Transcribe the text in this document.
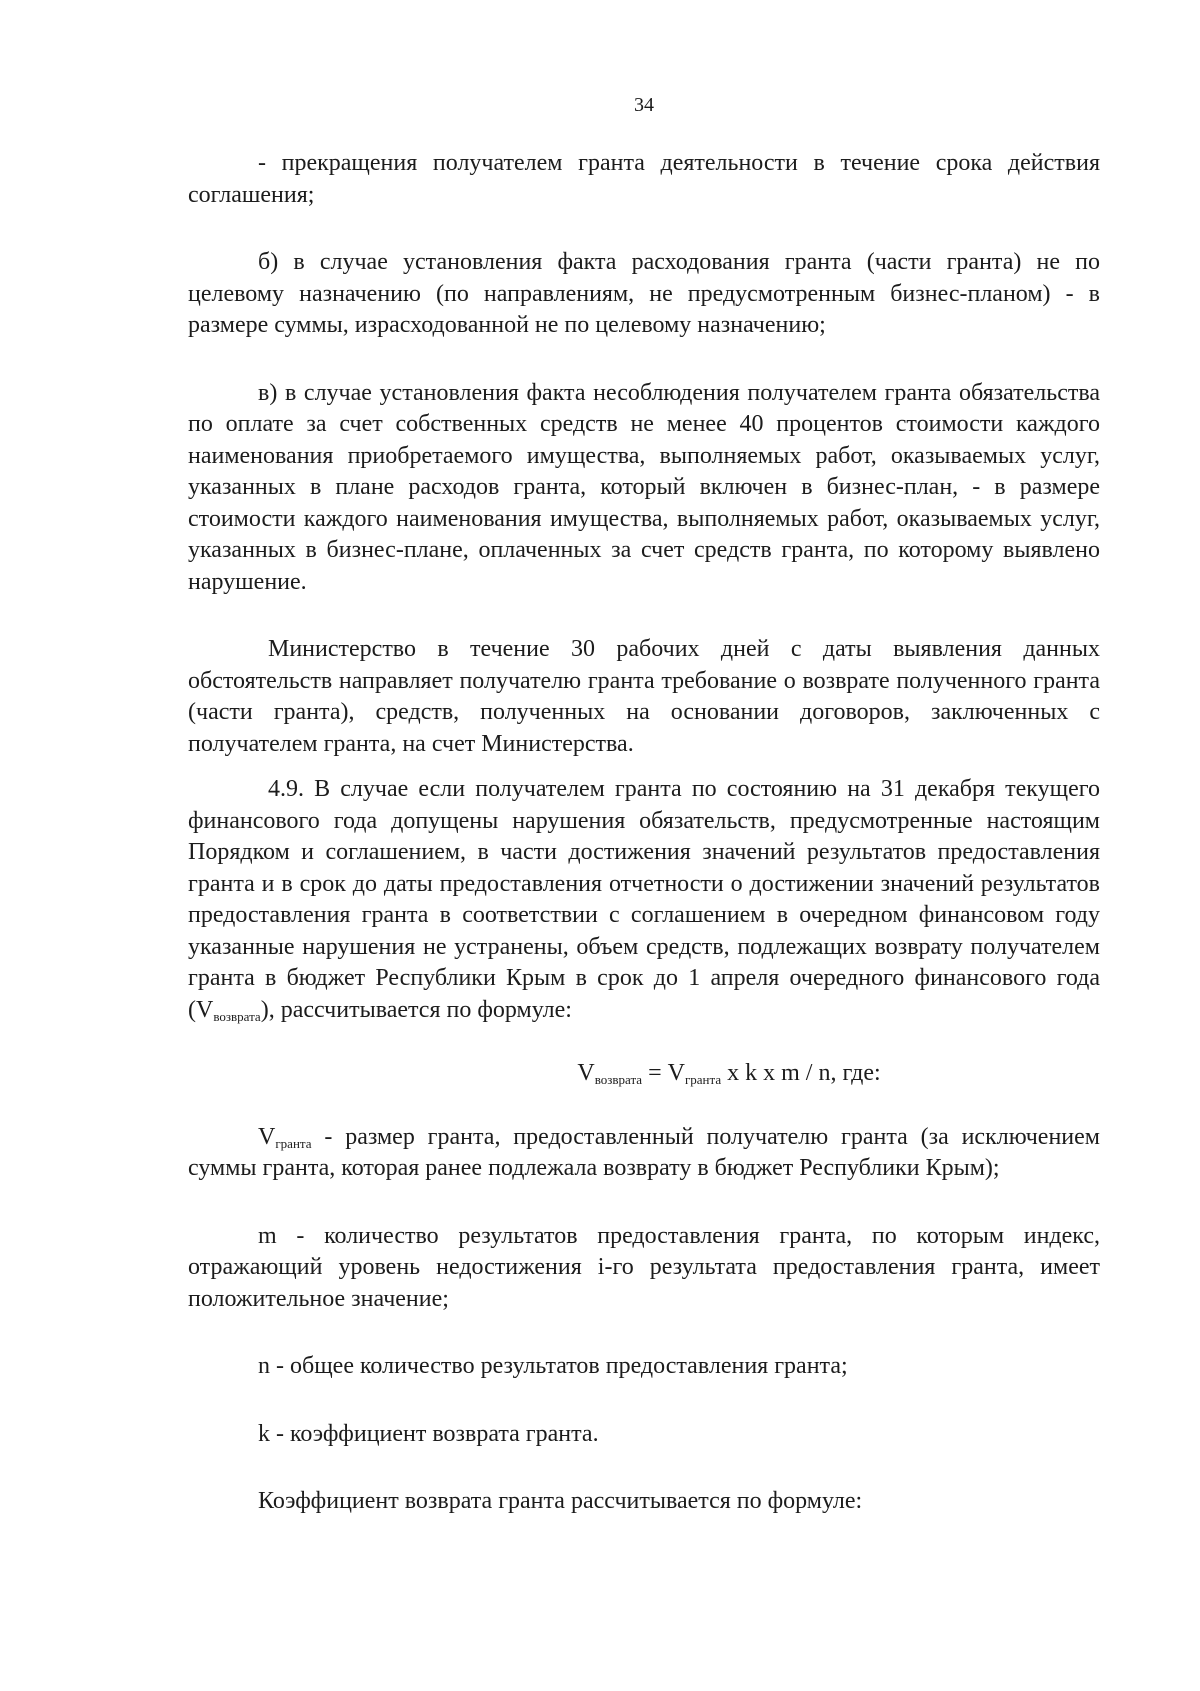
34

- прекращения получателем гранта деятельности в течение срока действия соглашения;

б) в случае установления факта расходования гранта (части гранта) не по целевому назначению (по направлениям, не предусмотренным бизнес-планом) - в размере суммы, израсходованной не по целевому назначению;

в) в случае установления факта несоблюдения получателем гранта обязательства по оплате за счет собственных средств не менее 40 процентов стоимости каждого наименования приобретаемого имущества, выполняемых работ, оказываемых услуг, указанных в плане расходов гранта, который включен в бизнес-план, - в размере стоимости каждого наименования имущества, выполняемых работ, оказываемых услуг, указанных в бизнес-плане, оплаченных за счет средств гранта, по которому выявлено нарушение.

Министерство в течение 30 рабочих дней с даты выявления данных обстоятельств направляет получателю гранта требование о возврате полученного гранта (части гранта), средств, полученных на основании договоров, заключенных с получателем гранта, на счет Министерства.

4.9. В случае если получателем гранта по состоянию на 31 декабря текущего финансового года допущены нарушения обязательств, предусмотренные настоящим Порядком и соглашением, в части достижения значений результатов предоставления гранта и в срок до даты предоставления отчетности о достижении значений результатов предоставления гранта в соответствии с соглашением в очередном финансовом году указанные нарушения не устранены, объем средств, подлежащих возврату получателем гранта в бюджет Республики Крым в срок до 1 апреля очередного финансового года $(V_{возврата})$, рассчитывается по формуле:

$V_{возврата} = V_{гранта}$ x k x m / n, где:

$V_{гранта}$ - размер гранта, предоставленный получателю гранта (за исключением суммы гранта, которая ранее подлежала возврату в бюджет Республики Крым);

m - количество результатов предоставления гранта, по которым индекс, отражающий уровень недостижения i-го результата предоставления гранта, имеет положительное значение;

n - общее количество результатов предоставления гранта;

k - коэффициент возврата гранта.

Коэффициент возврата гранта рассчитывается по формуле:
